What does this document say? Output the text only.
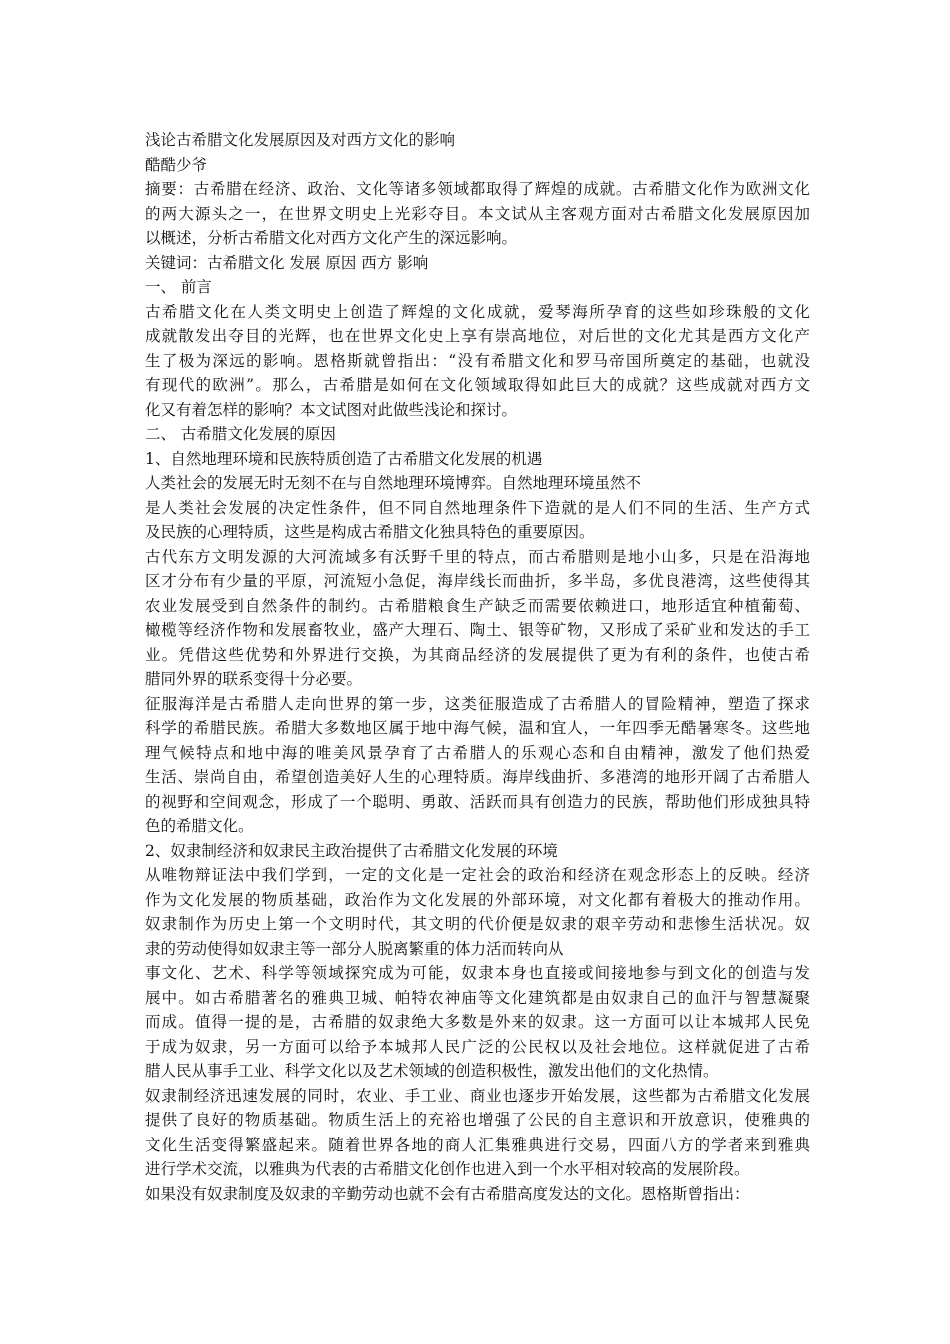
浅论古希腊文化发展原因及对西方文化的影响
酷酷少爷
摘要：古希腊在经济、政治、文化等诸多领域都取得了辉煌的成就。古希腊文化作为欧洲文化
的两大源头之一，在世界文明史上光彩夺目。本文试从主客观方面对古希腊文化发展原因加
以概述，分析古希腊文化对西方文化产生的深远影响。
关键词：古希腊文化 发展 原因 西方 影响
一、 前言
古希腊文化在人类文明史上创造了辉煌的文化成就，爱琴海所孕育的这些如珍珠般的文化
成就散发出夺目的光辉，也在世界文化史上享有崇高地位，对后世的文化尤其是西方文化产
生了极为深远的影响。恩格斯就曾指出：“没有希腊文化和罗马帝国所奠定的基础，也就没
有现代的欧洲”。那么，古希腊是如何在文化领域取得如此巨大的成就？这些成就对西方文
化又有着怎样的影响？本文试图对此做些浅论和探讨。
二、 古希腊文化发展的原因
1、自然地理环境和民族特质创造了古希腊文化发展的机遇
人类社会的发展无时无刻不在与自然地理环境博弈。自然地理环境虽然不
是人类社会发展的决定性条件，但不同自然地理条件下造就的是人们不同的生活、生产方式
及民族的心理特质，这些是构成古希腊文化独具特色的重要原因。
古代东方文明发源的大河流域多有沃野千里的特点，而古希腊则是地小山多，只是在沿海地
区才分布有少量的平原，河流短小急促，海岸线长而曲折，多半岛，多优良港湾，这些使得其
农业发展受到自然条件的制约。古希腊粮食生产缺乏而需要依赖进口，地形适宜种植葡萄、
橄榄等经济作物和发展畜牧业，盛产大理石、陶土、银等矿物，又形成了采矿业和发达的手工
业。凭借这些优势和外界进行交换，为其商品经济的发展提供了更为有利的条件，也使古希
腊同外界的联系变得十分必要。
征服海洋是古希腊人走向世界的第一步，这类征服造成了古希腊人的冒险精神，塑造了探求
科学的希腊民族。希腊大多数地区属于地中海气候，温和宜人，一年四季无酷暑寒冬。这些地
理气候特点和地中海的唯美风景孕育了古希腊人的乐观心态和自由精神，激发了他们热爱
生活、崇尚自由，希望创造美好人生的心理特质。海岸线曲折、多港湾的地形开阔了古希腊人
的视野和空间观念，形成了一个聪明、勇敢、活跃而具有创造力的民族，帮助他们形成独具特
色的希腊文化。
2、奴隶制经济和奴隶民主政治提供了古希腊文化发展的环境
从唯物辩证法中我们学到，一定的文化是一定社会的政治和经济在观念形态上的反映。经济
作为文化发展的物质基础，政治作为文化发展的外部环境，对文化都有着极大的推动作用。
奴隶制作为历史上第一个文明时代，其文明的代价便是奴隶的艰辛劳动和悲惨生活状况。奴
隶的劳动使得如奴隶主等一部分人脱离繁重的体力活而转向从
事文化、艺术、科学等领域探究成为可能，奴隶本身也直接或间接地参与到文化的创造与发
展中。如古希腊著名的雅典卫城、帕特农神庙等文化建筑都是由奴隶自己的血汗与智慧凝聚
而成。值得一提的是，古希腊的奴隶绝大多数是外来的奴隶。这一方面可以让本城邦人民免
于成为奴隶，另一方面可以给予本城邦人民广泛的公民权以及社会地位。这样就促进了古希
腊人民从事手工业、科学文化以及艺术领域的创造积极性，激发出他们的文化热情。
奴隶制经济迅速发展的同时，农业、手工业、商业也逐步开始发展，这些都为古希腊文化发展
提供了良好的物质基础。物质生活上的充裕也增强了公民的自主意识和开放意识，使雅典的
文化生活变得繁盛起来。随着世界各地的商人汇集雅典进行交易，四面八方的学者来到雅典
进行学术交流，以雅典为代表的古希腊文化创作也进入到一个水平相对较高的发展阶段。
如果没有奴隶制度及奴隶的辛勤劳动也就不会有古希腊高度发达的文化。恩格斯曾指出：
